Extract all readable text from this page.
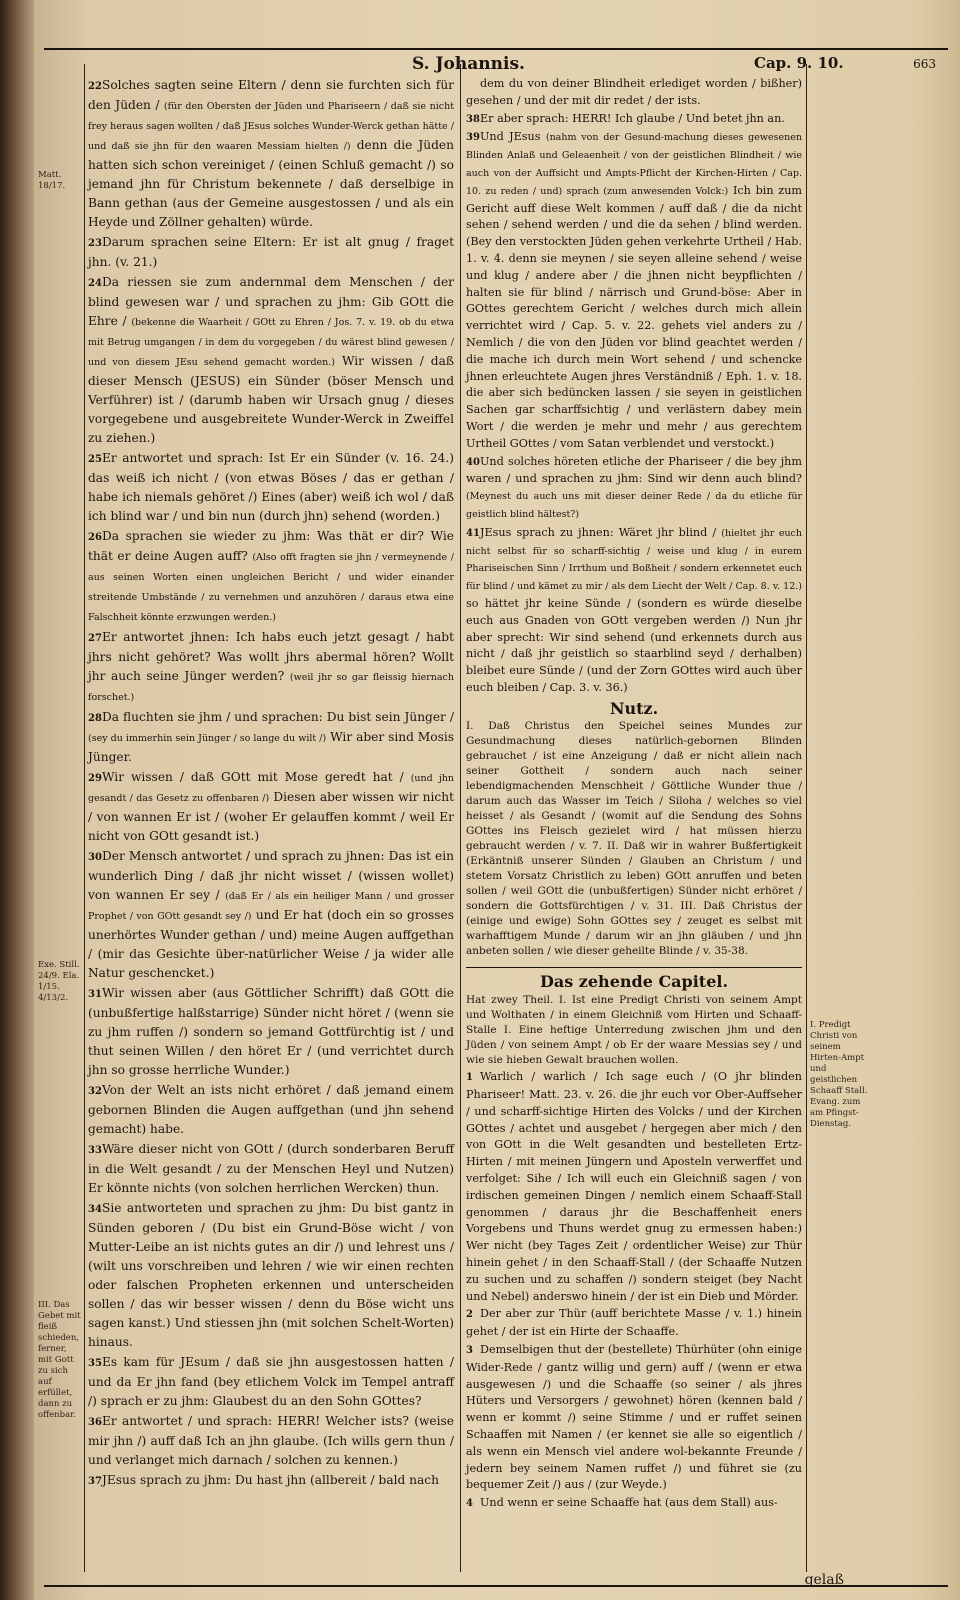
S. Johannis.	Cap. 9. 10.	663
Matt. 18/17.
Exe. Still. 24/9. Ela. 1/15. 4/13/2.
III. Das Gebet mit fleiß schieden, ferner, mit Gott zu sich auf erfüllet, dann zu offenbar.
I. Predigt Christi von seinem Hirten-Ampt und geistlichen Schaaff Stall. Evang. zum am Pfingst-Dienstag.

22Solches sagten seine Eltern / denn sie furchten sich für den Jüden / (für den Obersten der Jüden und Phariseern / daß sie nicht frey heraus sagen wollten / daß JEsus solches Wunder-Werck gethan hätte / und daß sie jhn für den waaren Messiam hielten /) denn die Jüden hatten sich schon vereiniget / (einen Schluß gemacht /) so jemand jhn für Christum bekennete / daß derselbige in Bann gethan (aus der Gemeine ausgestossen / und als ein Heyde und Zöllner gehalten) würde.

23Darum sprachen seine Eltern: Er ist alt gnug / fraget jhn. (v. 21.)

24Da riessen sie zum andernmal dem Menschen / der blind gewesen war / und sprachen zu jhm: Gib GOtt die Ehre / (bekenne die Waarheit / GOtt zu Ehren / Jos. 7. v. 19. ob du etwa mit Betrug umgangen / in dem du vorgegeben / du wärest blind gewesen / und von diesem JEsu sehend gemacht worden.) Wir wissen / daß dieser Mensch (JESUS) ein Sünder (böser Mensch und Verführer) ist / (darumb haben wir Ursach gnug / dieses vorgegebene und ausgebreitete Wunder-Werck in Zweiffel zu ziehen.)

25Er antwortet und sprach: Ist Er ein Sünder (v. 16. 24.) das weiß ich nicht / (von etwas Böses / das er gethan / habe ich niemals gehöret /) Eines (aber) weiß ich wol / daß ich blind war / und bin nun (durch jhn) sehend (worden.)

26Da sprachen sie wieder zu jhm: Was thät er dir? Wie thät er deine Augen auff? (Also offt fragten sie jhn / vermeynende / aus seinen Worten einen ungleichen Bericht / und wider einander streitende Umbstände / zu vernehmen und anzuhören / daraus etwa eine Falschheit könnte erzwungen werden.)

27Er antwortet jhnen: Ich habs euch jetzt gesagt / habt jhrs nicht gehöret? Was wollt jhrs abermal hören? Wollt jhr auch seine Jünger werden? (weil jhr so gar fleissig hiernach forschet.)

28Da fluchten sie jhm / und sprachen: Du bist sein Jünger / (sey du immerhin sein Jünger / so lange du wilt /) Wir aber sind Mosis Jünger.

29Wir wissen / daß GOtt mit Mose geredt hat / (und jhn gesandt / das Gesetz zu offenbaren /) Diesen aber wissen wir nicht / von wannen Er ist / (woher Er gelauffen kommt / weil Er nicht von GOtt gesandt ist.)

30Der Mensch antwortet / und sprach zu jhnen: Das ist ein wunderlich Ding / daß jhr nicht wisset / (wissen wollet) von wannen Er sey / (daß Er / als ein heiliger Mann / und grosser Prophet / von GOtt gesandt sey /) und Er hat (doch ein so grosses unerhörtes Wunder gethan / und) meine Augen auffgethan / (mir das Gesichte über-natürlicher Weise / ja wider alle Natur geschencket.)

31Wir wissen aber (aus Göttlicher Schrifft) daß GOtt die (unbußfertige halßstarrige) Sünder nicht höret / (wenn sie zu jhm ruffen /) sondern so jemand Gottfürchtig ist / und thut seinen Willen / den höret Er / (und verrichtet durch jhn so grosse herrliche Wunder.)

32Von der Welt an ists nicht erhöret / daß jemand einem gebornen Blinden die Augen auffgethan (und jhn sehend gemacht) habe.

33Wäre dieser nicht von GOtt / (durch sonderbaren Beruff in die Welt gesandt / zu der Menschen Heyl und Nutzen) Er könnte nichts (von solchen herrlichen Wercken) thun.

34Sie antworteten und sprachen zu jhm: Du bist gantz in Sünden geboren / (Du bist ein Grund-Böse wicht / von Mutter-Leibe an ist nichts gutes an dir /) und lehrest uns / (wilt uns vorschreiben und lehren / wie wir einen rechten oder falschen Propheten erkennen und unterscheiden sollen / das wir besser wissen / denn du Böse wicht uns sagen kanst.) Und stiessen jhn (mit solchen Schelt-Worten) hinaus.

35Es kam für JEsum / daß sie jhn ausgestossen hatten / und da Er jhn fand (bey etlichem Volck im Tempel antraff /) sprach er zu jhm: Glaubest du an den Sohn GOttes?

36Er antwortet / und sprach: HERR! Welcher ists? (weise mir jhn /) auff daß Ich an jhn glaube. (Ich wills gern thun / und verlanget mich darnach / solchen zu kennen.)

37JEsus sprach zu jhm: Du hast jhn (allbereit / bald nach

dem du von deiner Blindheit erlediget worden / bißher) gesehen / und der mit dir redet / der ists.

38Er aber sprach: HERR! Ich glaube / Und betet jhn an.

39Und JEsus (nahm von der Gesund-machung dieses gewesenen Blinden Anlaß und Geleaenheit / von der geistlichen Blindheit / wie auch von der Auffsicht und Ampts-Pflicht der Kirchen-Hirten / Cap. 10. zu reden / und) sprach (zum anwesenden Volck:) Ich bin zum Gericht auff diese Welt kommen / auff daß / die da nicht sehen / sehend werden / und die da sehen / blind werden. (Bey den verstockten Jüden gehen verkehrte Urtheil / Hab. 1. v. 4. denn sie meynen / sie seyen alleine sehend / weise und klug / andere aber / die jhnen nicht beypflichten / halten sie für blind / närrisch und Grund-böse: Aber in GOttes gerechtem Gericht / welches durch mich allein verrichtet wird / Cap. 5. v. 22. gehets viel anders zu / Nemlich / die von den Jüden vor blind geachtet werden / die mache ich durch mein Wort sehend / und schencke jhnen erleuchtete Augen jhres Verständniß / Eph. 1. v. 18. die aber sich bedüncken lassen / sie seyen in geistlichen Sachen gar scharffsichtig / und verlästern dabey mein Wort / die werden je mehr und mehr / aus gerechtem Urtheil GOttes / vom Satan verblendet und verstockt.)

40Und solches höreten etliche der Phariseer / die bey jhm waren / und sprachen zu jhm: Sind wir denn auch blind? (Meynest du auch uns mit dieser deiner Rede / da du etliche für geistlich blind hältest?)

41JEsus sprach zu jhnen: Wäret jhr blind / (hieltet jhr euch nicht selbst für so scharff-sichtig / weise und klug / in eurem Phariseischen Sinn / Irrthum und Boßheit / sondern erkennetet euch für blind / und kämet zu mir / als dem Liecht der Welt / Cap. 8. v. 12.) so hättet jhr keine Sünde / (sondern es würde dieselbe euch aus Gnaden von GOtt vergeben werden /) Nun jhr aber sprecht: Wir sind sehend (und erkennets durch aus nicht / daß jhr geistlich so staarblind seyd / derhalben) bleibet eure Sünde / (und der Zorn GOttes wird auch über euch bleiben / Cap. 3. v. 36.)

Nutz.

I. Daß Christus den Speichel seines Mundes zur Gesundmachung dieses natürlich-gebornen Blinden gebrauchet / ist eine Anzeigung / daß er nicht allein nach seiner Gottheit / sondern auch nach seiner lebendigmachenden Menschheit / Göttliche Wunder thue / darum auch das Wasser im Teich / Siloha / welches so viel heisset / als Gesandt / (womit auf die Sendung des Sohns GOttes ins Fleisch gezielet wird / hat müssen hierzu gebraucht werden / v. 7. II. Daß wir in wahrer Bußfertigkeit (Erkäntniß unserer Sünden / Glauben an Christum / und stetem Vorsatz Christlich zu leben) GOtt anruffen und beten sollen / weil GOtt die (unbußfertigen) Sünder nicht erhöret / sondern die Gottsfürchtigen / v. 31. III. Daß Christus der (einige und ewige) Sohn GOttes sey / zeuget es selbst mit warhafftigem Munde / darum wir an jhn gläuben / und jhn anbeten sollen / wie dieser geheilte Blinde / v. 35-38.

Das zehende Capitel.

Hat zwey Theil. I. Ist eine Predigt Christi von seinem Ampt und Wolthaten / in einem Gleichniß vom Hirten und Schaaff-Stalle I. Eine heftige Unterredung zwischen jhm und den Jüden / von seinem Ampt / ob Er der waare Messias sey / und wie sie hieben Gewalt brauchen wollen.

1 Warlich / warlich / Ich sage euch / (O jhr blinden Phariseer! Matt. 23. v. 26. die jhr euch vor Ober-Auffseher / und scharff-sichtige Hirten des Volcks / und der Kirchen GOttes / achtet und ausgebet / hergegen aber mich / den von GOtt in die Welt gesandten und bestelleten Ertz-Hirten / mit meinen Jüngern und Aposteln verwerffet und verfolget: Sihe / Ich will euch ein Gleichniß sagen / von irdischen gemeinen Dingen / nemlich einem Schaaff-Stall genommen / daraus jhr die Beschaffenheit eners Vorgebens und Thuns werdet gnug zu ermessen haben:) Wer nicht (bey Tages Zeit / ordentlicher Weise) zur Thür hinein gehet / in den Schaaff-Stall / (der Schaaffe Nutzen zu suchen und zu schaffen /) sondern steiget (bey Nacht und Nebel) anderswo hinein / der ist ein Dieb und Mörder.

2 Der aber zur Thür (auff berichtete Masse / v. 1.) hinein gehet / der ist ein Hirte der Schaaffe.

3 Demselbigen thut der (bestellete) Thürhüter (ohn einige Wider-Rede / gantz willig und gern) auff / (wenn er etwa ausgewesen /) und die Schaaffe (so seiner / als jhres Hüters und Versorgers / gewohnet) hören (kennen bald / wenn er kommt /) seine Stimme / und er ruffet seinen Schaaffen mit Namen / (er kennet sie alle so eigentlich / als wenn ein Mensch viel andere wol-bekannte Freunde / jedern bey seinem Namen ruffet /) und führet sie (zu bequemer Zeit /) aus / (zur Weyde.)

4 Und wenn er seine Schaaffe hat (aus dem Stall) aus-

gelaß
